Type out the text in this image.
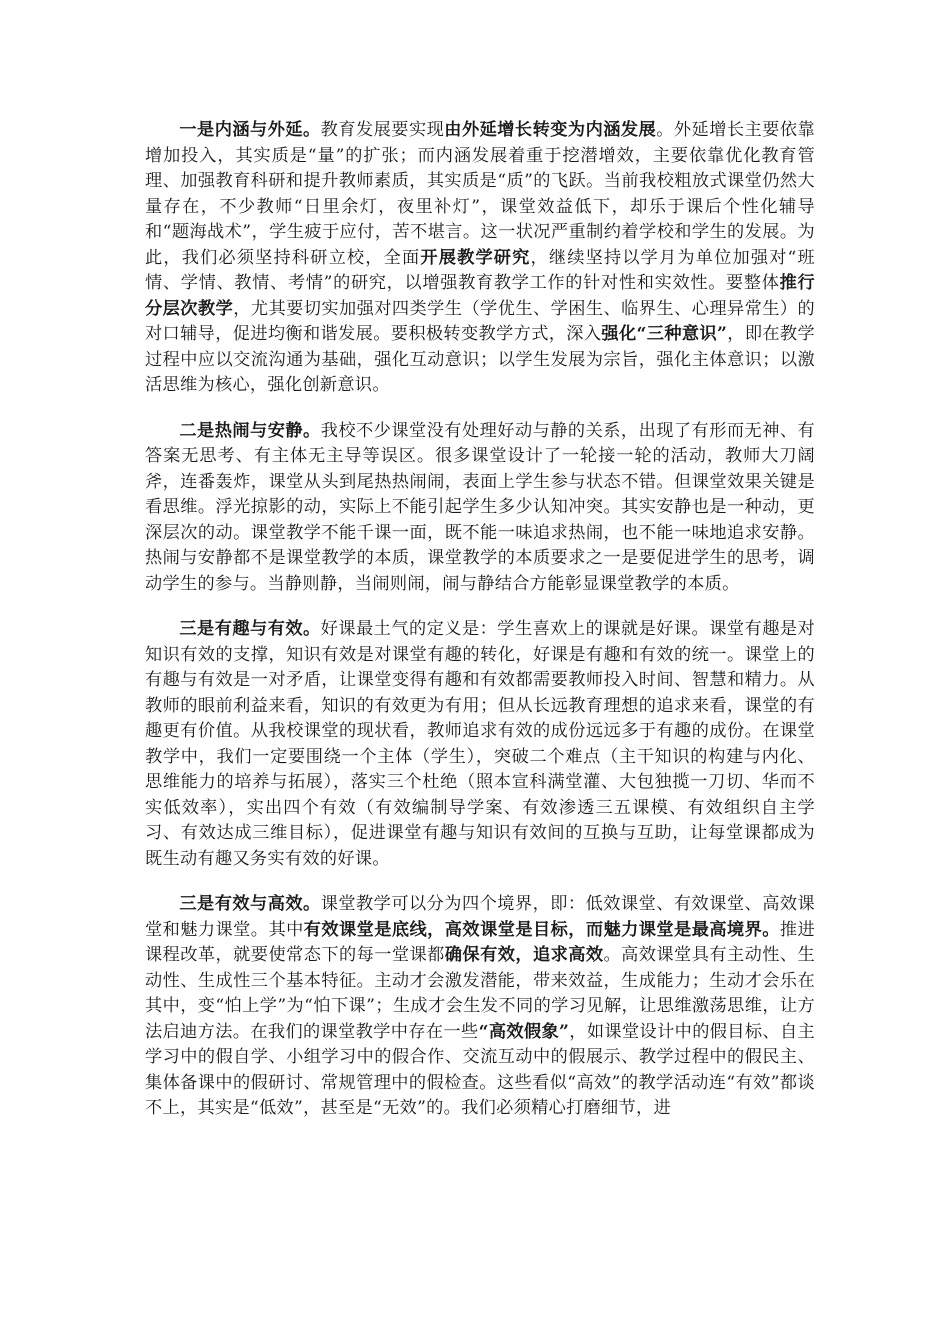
一是内涵与外延。教育发展要实现由外延增长转变为内涵发展。外延增长主要依靠增加投入，其实质是“量”的扩张；而内涵发展着重于挖潜增效，主要依靠优化教育管理、加强教育科研和提升教师素质，其实质是“质”的飞跃。当前我校粗放式课堂仍然大量存在，不少教师“日里余灯，夜里补灯”，课堂效益低下，却乐于课后个性化辅导和“题海战术”，学生疲于应付，苦不堪言。这一状况严重制约着学校和学生的发展。为此，我们必须坚持科研立校，全面开展教学研究，继续坚持以学月为单位加强对“班情、学情、教情、考情”的研究，以增强教育教学工作的针对性和实效性。要整体推行分层次教学，尤其要切实加强对四类学生（学优生、学困生、临界生、心理异常生）的对口辅导，促进均衡和谐发展。要积极转变教学方式，深入强化“三种意识”，即在教学过程中应以交流沟通为基础，强化互动意识；以学生发展为宗旨，强化主体意识；以激活思维为核心，强化创新意识。

二是热闹与安静。我校不少课堂没有处理好动与静的关系，出现了有形而无神、有答案无思考、有主体无主导等误区。很多课堂设计了一轮接一轮的活动，教师大刀阔斧，连番轰炸，课堂从头到尾热热闹闹，表面上学生参与状态不错。但课堂效果关键是看思维。浮光掠影的动，实际上不能引起学生多少认知冲突。其实安静也是一种动，更深层次的动。课堂教学不能千课一面，既不能一味追求热闹，也不能一味地追求安静。热闹与安静都不是课堂教学的本质，课堂教学的本质要求之一是要促进学生的思考，调动学生的参与。当静则静，当闹则闹，闹与静结合方能彰显课堂教学的本质。

三是有趣与有效。好课最土气的定义是：学生喜欢上的课就是好课。课堂有趣是对知识有效的支撑，知识有效是对课堂有趣的转化，好课是有趣和有效的统一。课堂上的有趣与有效是一对矛盾，让课堂变得有趣和有效都需要教师投入时间、智慧和精力。从教师的眼前利益来看，知识的有效更为有用；但从长远教育理想的追求来看，课堂的有趣更有价值。从我校课堂的现状看，教师追求有效的成份远远多于有趣的成份。在课堂教学中，我们一定要围绕一个主体（学生），突破二个难点（主干知识的构建与内化、思维能力的培养与拓展），落实三个杜绝（照本宣科满堂灌、大包独揽一刀切、华而不实低效率），实出四个有效（有效编制导学案、有效渗透三五课模、有效组织自主学习、有效达成三维目标），促进课堂有趣与知识有效间的互换与互助，让每堂课都成为既生动有趣又务实有效的好课。

三是有效与高效。课堂教学可以分为四个境界，即：低效课堂、有效课堂、高效课堂和魅力课堂。其中有效课堂是底线，高效课堂是目标，而魅力课堂是最高境界。推进课程改革，就要使常态下的每一堂课都确保有效，追求高效。高效课堂具有主动性、生动性、生成性三个基本特征。主动才会激发潜能，带来效益，生成能力；生动才会乐在其中，变“怕上学”为“怕下课”；生成才会生发不同的学习见解，让思维激荡思维，让方法启迪方法。在我们的课堂教学中存在一些“高效假象”，如课堂设计中的假目标、自主学习中的假自学、小组学习中的假合作、交流互动中的假展示、教学过程中的假民主、集体备课中的假研讨、常规管理中的假检查。这些看似“高效”的教学活动连“有效”都谈不上，其实是“低效”，甚至是“无效”的。我们必须精心打磨细节，进
